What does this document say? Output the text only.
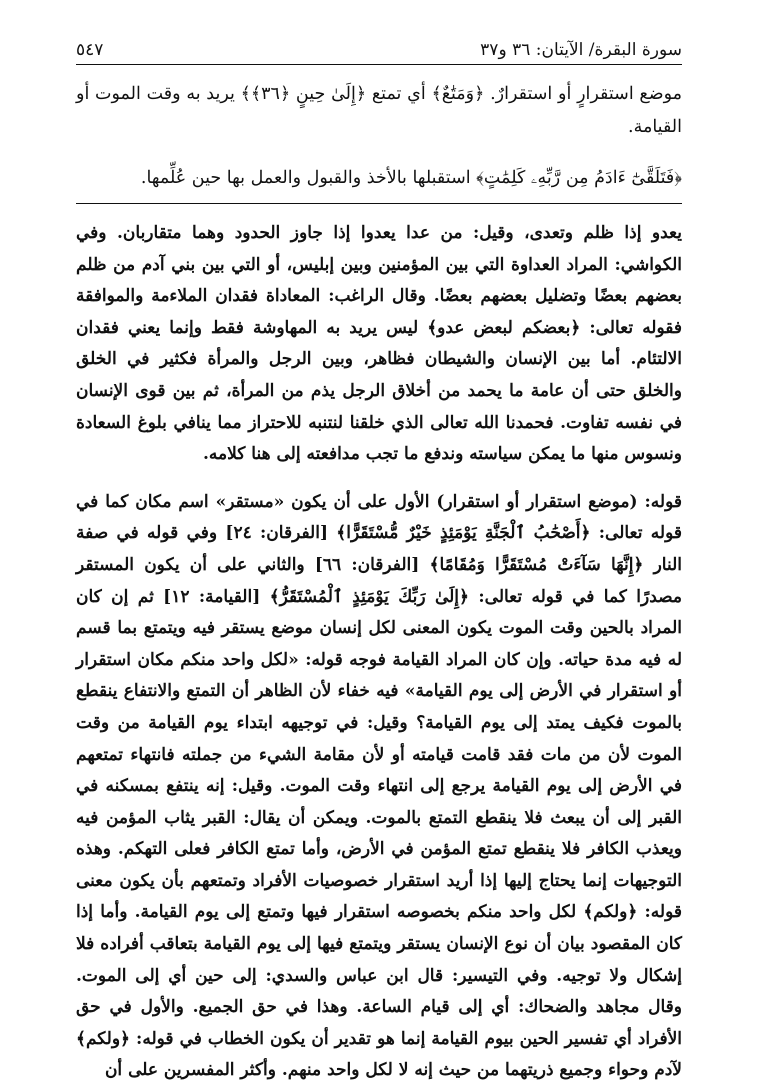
سورة البقرة/ الآيتان: ٣٦ و٣٧
٥٤٧

موضع استقرارٍ أو استقرارٌ. ﴿وَمَتَٰعٌ﴾ أي تمتع ﴿إِلَىٰ حِينٍ ﴿٣٦﴾﴾ يريد به وقت الموت أو القيامة.

﴿فَتَلَقَّىٰٓ ءَادَمُ مِن رَّبِّهِۦ كَلِمَٰتٍ﴾ استقبلها بالأخذ والقبول والعمل بها حين عُلِّمها.

يعدو إذا ظلم وتعدى، وقيل: من عدا يعدوا إذا جاوز الحدود وهما متقاربان. وفي الكواشي: المراد العداوة التي بين المؤمنين وبين إبليس، أو التي بين بني آدم من ظلم بعضهم بعضًا وتضليل بعضهم بعضًا. وقال الراغب: المعاداة فقدان الملاءمة والموافقة فقوله تعالى: ﴿بعضكم لبعض عدو﴾ ليس يريد به المهاوشة فقط وإنما يعني فقدان الالتئام. أما بين الإنسان والشيطان فظاهر، وبين الرجل والمرأة فكثير في الخلق والخلق حتى أن عامة ما يحمد من أخلاق الرجل يذم من المرأة، ثم بين قوى الإنسان في نفسه تفاوت. فحمدنا الله تعالى الذي خلقنا لنتنبه للاحتراز مما ينافي بلوغ السعادة ونسوس منها ما يمكن سياسته وندفع ما تجب مدافعته إلى هنا كلامه.

قوله: (موضع استقرار أو استقرار) الأول على أن يكون «مستقر» اسم مكان كما في قوله تعالى: ﴿أَصْحَٰبُ ٱلْجَنَّةِ يَوْمَئِذٍ خَيْرٌ مُّسْتَقَرًّا﴾ [الفرقان: ٢٤] وفي قوله في صفة النار ﴿إِنَّهَا سَآءَتْ مُسْتَقَرًّا وَمُقَامًا﴾ [الفرقان: ٦٦] والثاني على أن يكون المستقر مصدرًا كما في قوله تعالى: ﴿إِلَىٰ رَبِّكَ يَوْمَئِذٍ ٱلْمُسْتَقَرُّ﴾ [القيامة: ١٢] ثم إن كان المراد بالحين وقت الموت يكون المعنى لكل إنسان موضع يستقر فيه ويتمتع بما قسم له فيه مدة حياته. وإن كان المراد القيامة فوجه قوله: «لكل واحد منكم مكان استقرار أو استقرار في الأرض إلى يوم القيامة» فيه خفاء لأن الظاهر أن التمتع والانتفاع ينقطع بالموت فكيف يمتد إلى يوم القيامة؟ وقيل: في توجيهه ابتداء يوم القيامة من وقت الموت لأن من مات فقد قامت قيامته أو لأن مقامة الشيء من جملته فانتهاء تمتعهم في الأرض إلى يوم القيامة يرجع إلى انتهاء وقت الموت. وقيل: إنه ينتفع بمسكنه في القبر إلى أن يبعث فلا ينقطع التمتع بالموت. ويمكن أن يقال: القبر يثاب المؤمن فيه ويعذب الكافر فلا ينقطع تمتع المؤمن في الأرض، وأما تمتع الكافر فعلى التهكم. وهذه التوجيهات إنما يحتاج إليها إذا أريد استقرار خصوصيات الأفراد وتمتعهم بأن يكون معنى قوله: ﴿ولكم﴾ لكل واحد منكم بخصوصه استقرار فيها وتمتع إلى يوم القيامة. وأما إذا كان المقصود بيان أن نوع الإنسان يستقر ويتمتع فيها إلى يوم القيامة بتعاقب أفراده فلا إشكال ولا توجيه. وفي التيسير: قال ابن عباس والسدي: إلى حين أي إلى الموت. وقال مجاهد والضحاك: أي إلى قيام الساعة. وهذا في حق الجميع. والأول في حق الأفراد أي تفسير الحين بيوم القيامة إنما هو تقدير أن يكون الخطاب في قوله: ﴿ولكم﴾ لآدم وحواء وجميع ذريتهما من حيث إنه لا لكل واحد منهم. وأكثر المفسرين على أن
